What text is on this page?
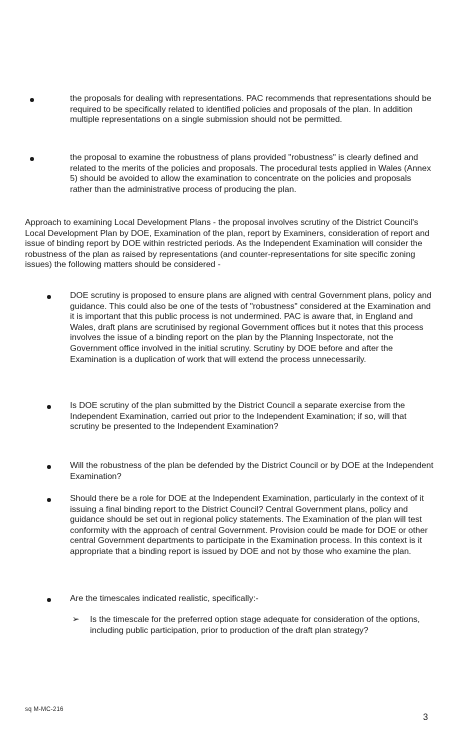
the proposals for dealing with representations. PAC recommends that representations should be required to be specifically related to identified policies and proposals of the plan. In addition multiple representations on a single submission should not be permitted.

the proposal to examine the robustness of plans provided "robustness" is clearly defined and related to the merits of the policies and proposals. The procedural tests applied in Wales (Annex 5) should be avoided to allow the examination to concentrate on the policies and proposals rather than the administrative process of producing the plan.

Approach to examining Local Development Plans - the proposal involves scrutiny of the District Council's Local Development Plan by DOE, Examination of the plan, report by Examiners, consideration of report and issue of binding report by DOE within restricted periods. As the Independent Examination will consider the robustness of the plan as raised by representations (and counter-representations for site specific zoning issues) the following matters should be considered -

DOE scrutiny is proposed to ensure plans are aligned with central Government plans, policy and guidance. This could also be one of the tests of "robustness" considered at the Examination and it is important that this public process is not undermined. PAC is aware that, in England and Wales, draft plans are scrutinised by regional Government offices but it notes that this process involves the issue of a binding report on the plan by the Planning Inspectorate, not the Government office involved in the initial scrutiny. Scrutiny by DOE before and after the Examination is a duplication of work that will extend the process unnecessarily.

Is DOE scrutiny of the plan submitted by the District Council a separate exercise from the Independent Examination, carried out prior to the Independent Examination; if so, will that scrutiny be presented to the Independent Examination?

Will the robustness of the plan be defended by the District Council or by DOE at the Independent Examination?

Should there be a role for DOE at the Independent Examination, particularly in the context of it issuing a final binding report to the District Council? Central Government plans, policy and guidance should be set out in regional policy statements. The Examination of the plan will test conformity with the approach of central Government. Provision could be made for DOE or other central Government departments to participate in the Examination process. In this context is it appropriate that a binding report is issued by DOE and not by those who examine the plan.

Are the timescales indicated realistic, specifically:-

➢ Is the timescale for the preferred option stage adequate for consideration of the options, including public participation, prior to production of the draft plan strategy?

sq M-MC-216
3
